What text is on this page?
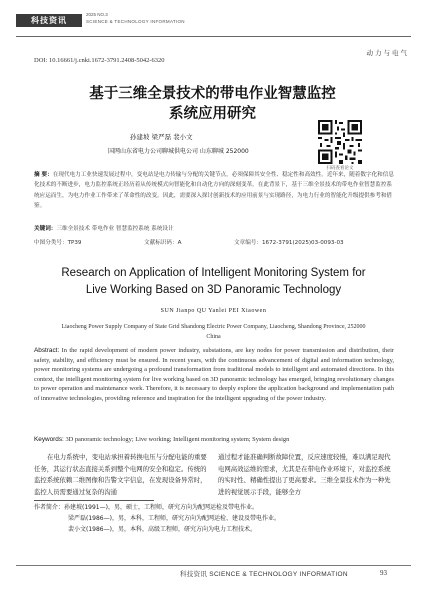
科技资讯
2025 NO.3
SCIENCE & TECHNOLOGY INFORMATION
动力与电气
DOI: 10.16661/j.cnki.1672-3791.2408-5042-6320
基于三维全景技术的带电作业智慧监控
系统应用研究
孙建坡 梁严磊 裴小文
国网山东省电力公司聊城供电公司 山东聊城 252000
扫码查看论文
摘 要：在现代电力工业快速发展过程中，变电站是电力传输与分配的关键节点，必须保障其安全性、稳定性和高效性。近年来，随着数字化和信息化技术的不断进步，电力监控系统正经历着从传统模式向智能化和自动化方向的深刻变革。在此背景下，基于三维全景技术的带电作业智慧监控系统应运而生，为电力作业工作带来了革命性的改变。因此，需要深入探讨创新技术的应用前景与实现路径，为电力行业的智能化升级提供参考和借鉴。
关键词：三维全景技术 带电作业 智慧监控系统 系统设计
中图分类号：TP39	文献标识码：A	文章编号：1672-3791(2025)03-0093-03
Research on Application of Intelligent Monitoring System for Live Working Based on 3D Panoramic Technology
SUN Jianpo QU Yanlei PEI Xiaowen
Liaocheng Power Supply Company of State Grid Shandong Electric Power Company, Liaocheng, Shandong Province, 252000 China
Abstract: In the rapid development of modern power industry, substations, are key nodes for power transmission and distribution, their safety, stability, and efficiency must be ensured. In recent years, with the continuous advancement of digital and information technology, power monitoring systems are undergoing a profound transformation from traditional models to intelligent and automated directions. In this context, the intelligent monitoring system for live working based on 3D panoramic technology has emerged, bringing revolutionary changes to power operation and maintenance work. Therefore, it is necessary to deeply explore the application background and implementation path of innovative technologies, providing reference and inspiration for the intelligent upgrading of the power industry.
Keywords: 3D panoramic technology; Live working; Intelligent monitoring system; System design
在电力系统中，变电站承担着转换电压与分配电能的重要任务，其运行状态直接关系到整个电网的安全和稳定。传统的监控系统依赖二维图像和告警文字信息，在发现设备异常时，监控人员需要通过复杂的沟通
通过程才能准确判断故障位置，反应速度较慢，难以满足现代电网高效运维的需求，尤其是在带电作业环境下，对监控系统的实时性、精确性提出了更高要求。三维全景技术作为一种先进的视觉展示手段，能够全方
作者简介：孙建坡(1991—)，男，硕士，工程师，研究方向为配网运检及带电作业。
梁严磊(1986—)，男，本科，工程师，研究方向为配网运检、建设及带电作业。
裴小文(1986—)，男，本科，高级工程师，研究方向为电力工程技术。
科技资讯 SCIENCE & TECHNOLOGY INFORMATION	93
